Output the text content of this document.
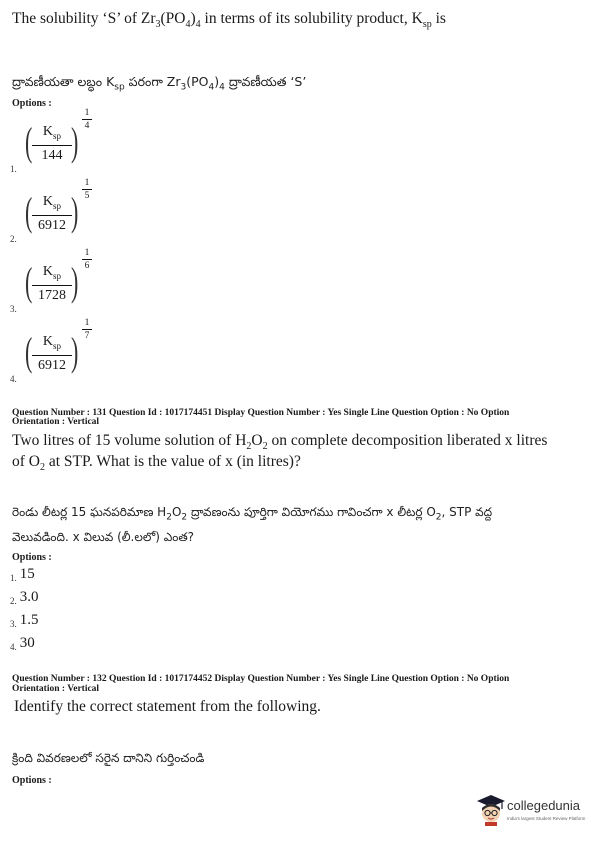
The solubility ‘S’ of $Zr_3(PO_4)_4$ in terms of its solubility product, $K_{sp}$ is
ద్రావణీయతా లబ్ధం $K_{sp}$ పరంగా $Zr_3(PO_4)_4$ ద్రావణీయత ‘S’
Options :
1.
( $K_{sp}$
144 )
1
4
2.
( $K_{sp}$
6912 )
1
5
3.
( $K_{sp}$
1728 )
1
6
4.
( $K_{sp}$
6912 )
1
7
Question Number : 131 Question Id : 1017174451 Display Question Number : Yes Single Line Question Option : No Option
Orientation : Vertical
Two litres of 15 volume solution of $H_2O_2$ on complete decomposition liberated x litres
of $O_2$ at STP. What is the value of x (in litres)?
రెండు లీటర్ల 15 ఘనపరిమాణ $H_2O_2$ ద్రావణంను పూర్తిగా వియోగము గావించగా x లీటర్ల $O_2$, STP వద్ద
వెలువడింది. x విలువ (లీ.లలో) ఎంత?
Options :
1. 15
2. 3.0
3. 1.5
4. 30
Question Number : 132 Question Id : 1017174452 Display Question Number : Yes Single Line Question Option : No Option
Orientation : Vertical
Identify the correct statement from the following.
క్రింది వివరణలలో సరైన దానిని గుర్తించండి
Options :
collegedunia
India's largest Student Review Platform
